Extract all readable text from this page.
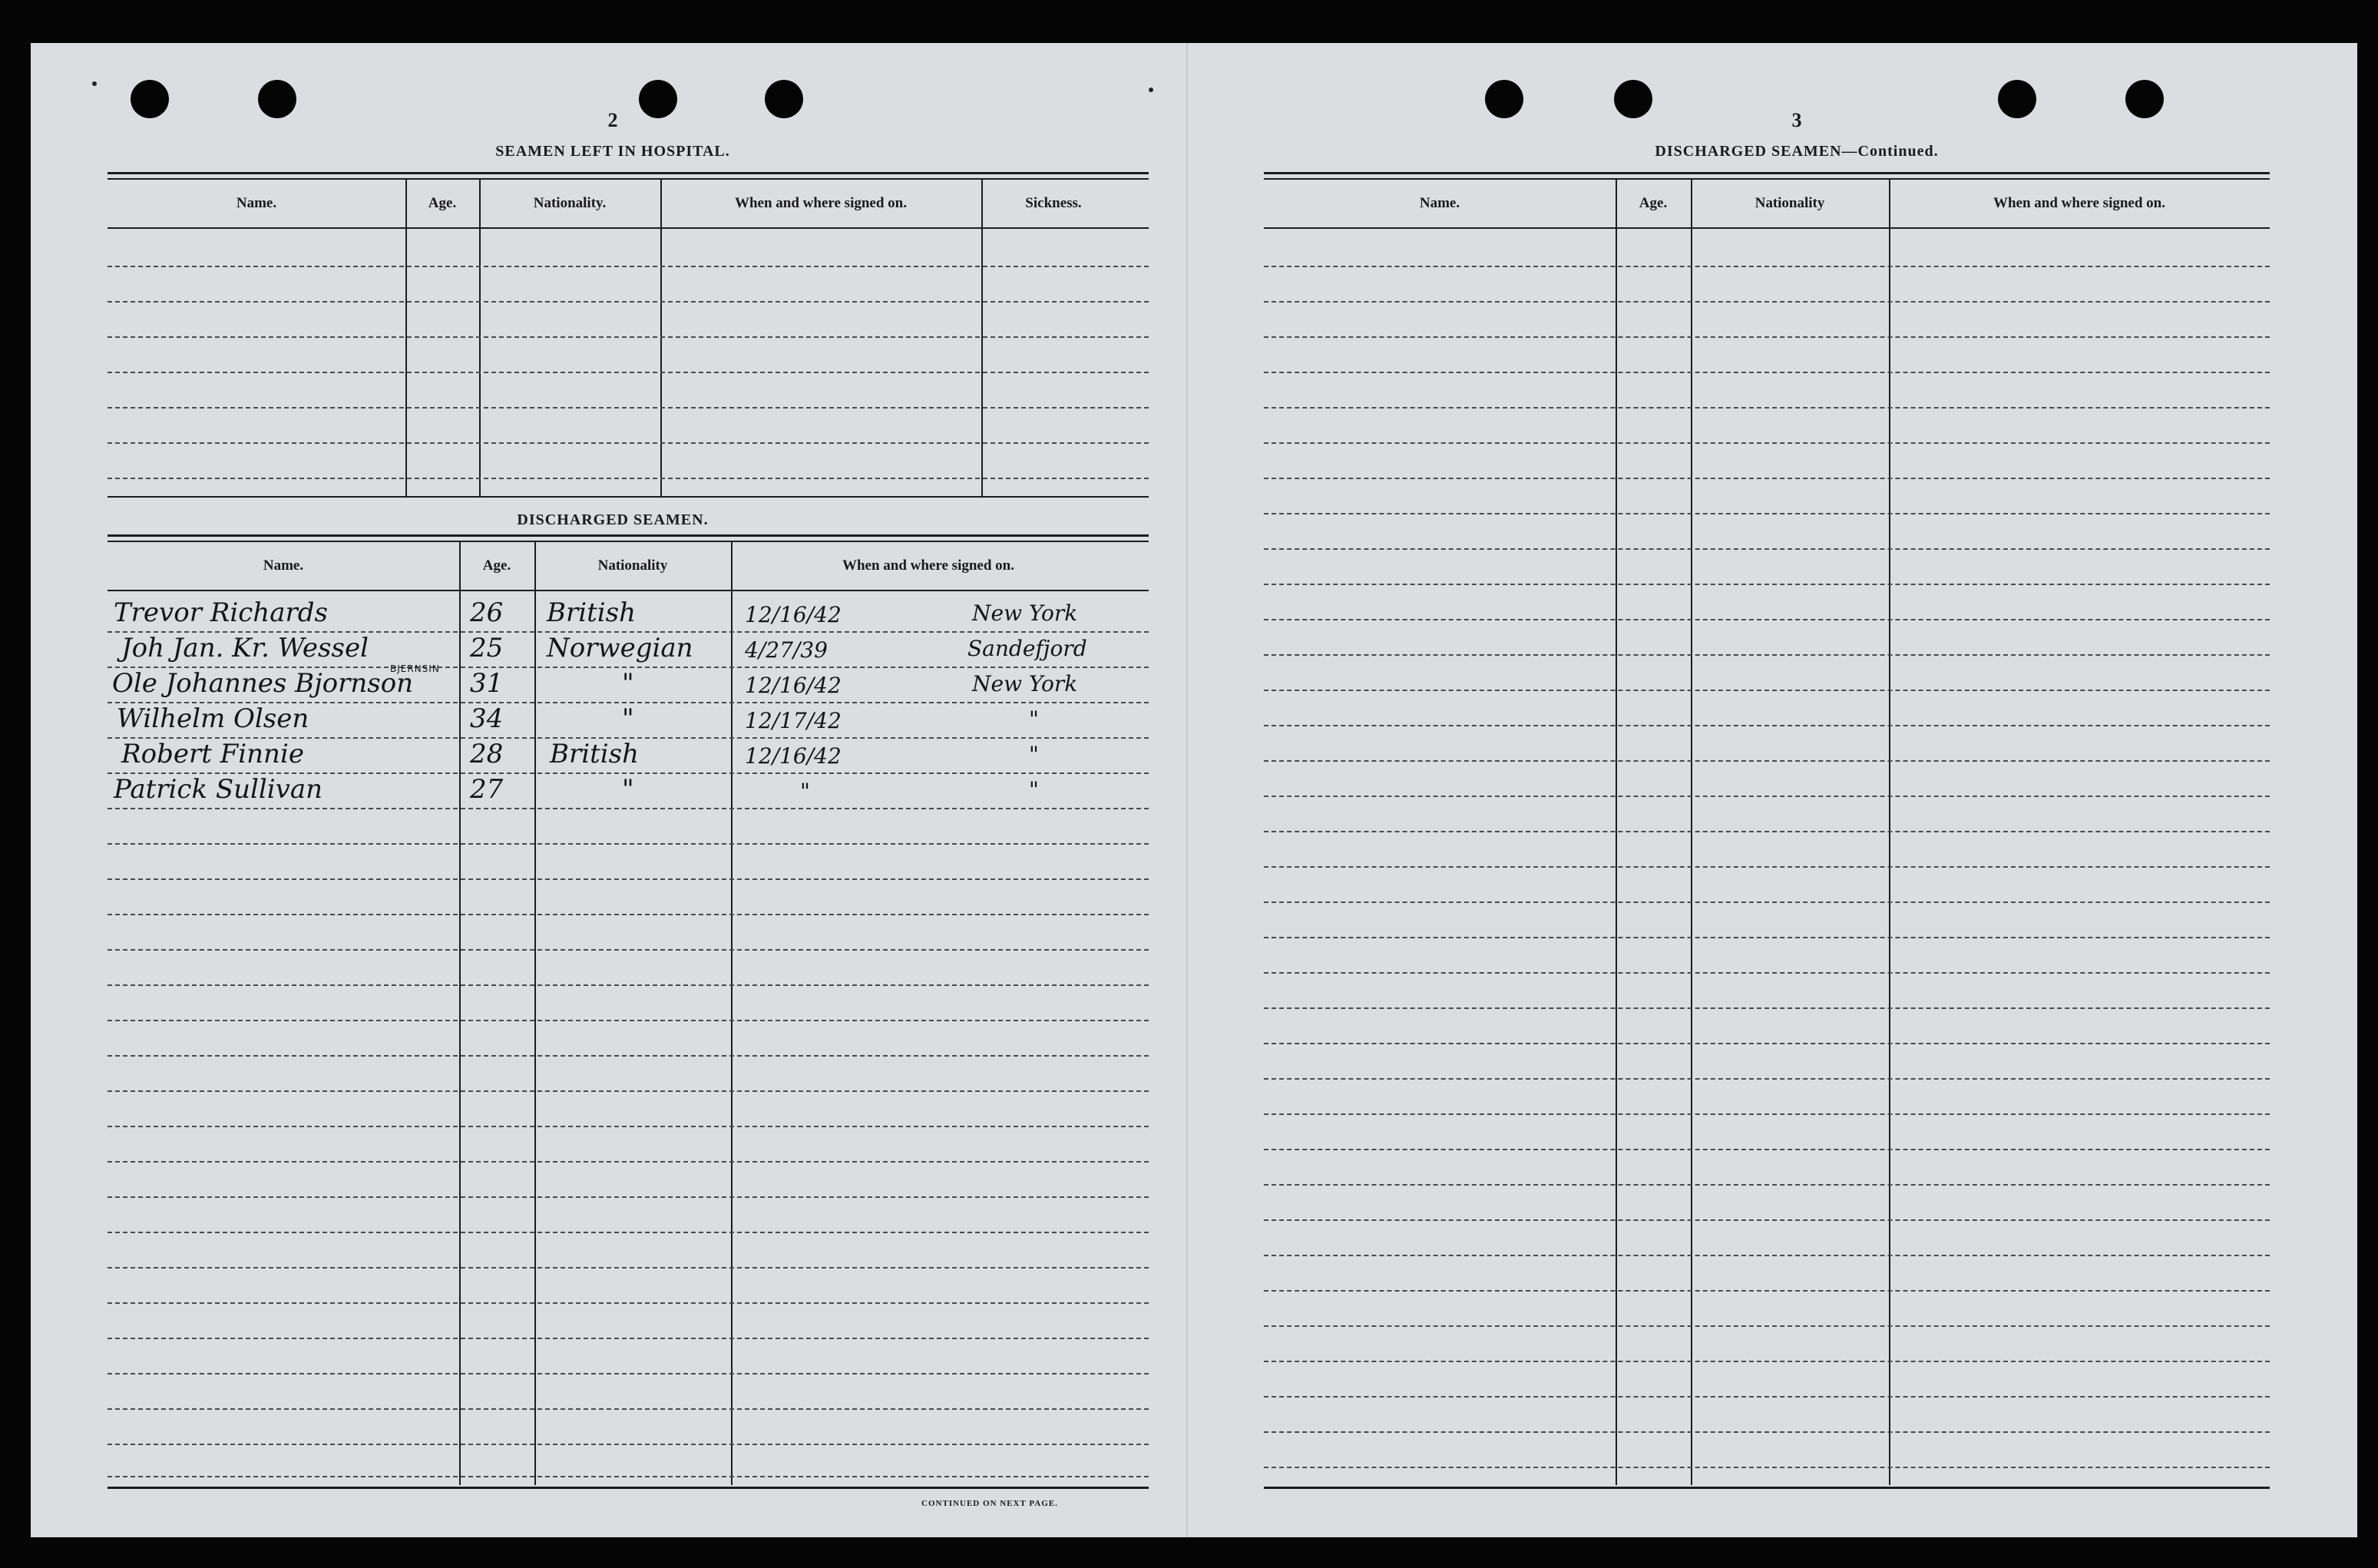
2
SEAMEN LEFT IN HOSPITAL.
Name.	Age.	Nationality.	When and where signed on.	Sickness.
DISCHARGED SEAMEN.
Name.	Age.	Nationality	When and where signed on.
Trevor Richards	26 British	12/16/42	New York
Joh Jan. Kr. Wessel	25 Norwegian 4/27/39	Sandefjord
BJERNSIN
Ole Johannes Bjornson 31	"	12/16/42	New York
Wilhelm Olsen	34	"	12/17/42	"
Robert Finnie	28 British	12/16/42	"
Patrick Sullivan	27	"	"	"
CONTINUED ON NEXT PAGE.
3
DISCHARGED SEAMEN—Continued.
Name.	Age.	Nationality	When and where signed on.
